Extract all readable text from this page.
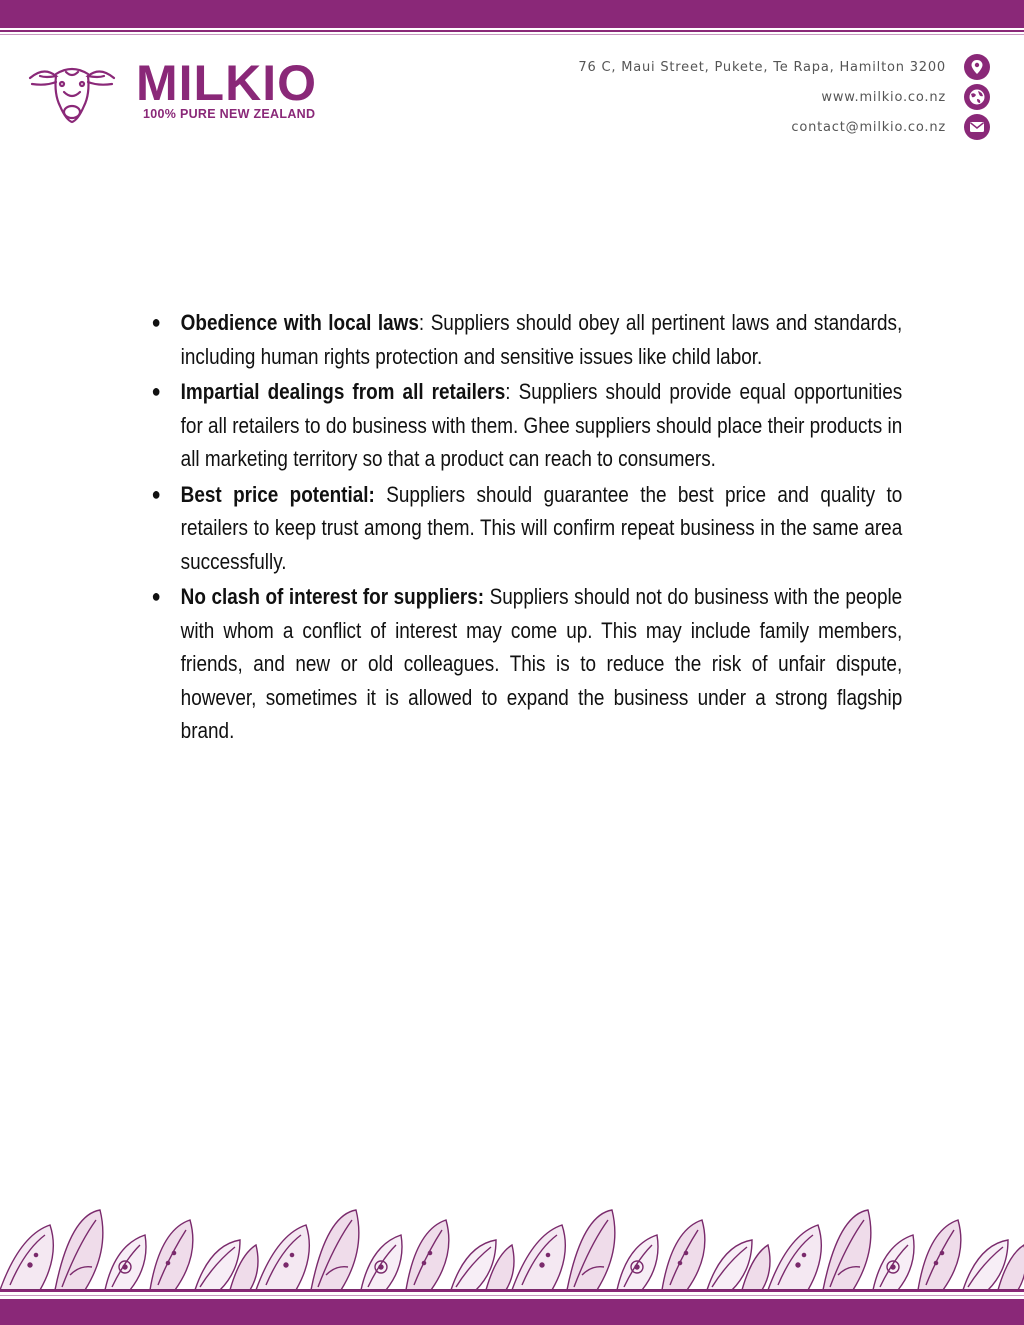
MILKIO
100% PURE NEW ZEALAND
76 C, Maui Street, Pukete, Te Rapa, Hamilton 3200
www.milkio.co.nz
contact@milkio.co.nz
● Obedience with local laws: Suppliers should obey all pertinent laws and standards, including human rights protection and sensitive issues like child labor.
● Impartial dealings from all retailers: Suppliers should provide equal opportunities for all retailers to do business with them. Ghee suppliers should place their products in all marketing territory so that a product can reach to consumers.
● Best price potential: Suppliers should guarantee the best price and quality to retailers to keep trust among them. This will confirm repeat business in the same area successfully.
● No clash of interest for suppliers: Suppliers should not do business with the people with whom a conflict of interest may come up. This may include family members, friends, and new or old colleagues. This is to reduce the risk of unfair dispute, however, sometimes it is allowed to expand the business under a strong flagship brand.
